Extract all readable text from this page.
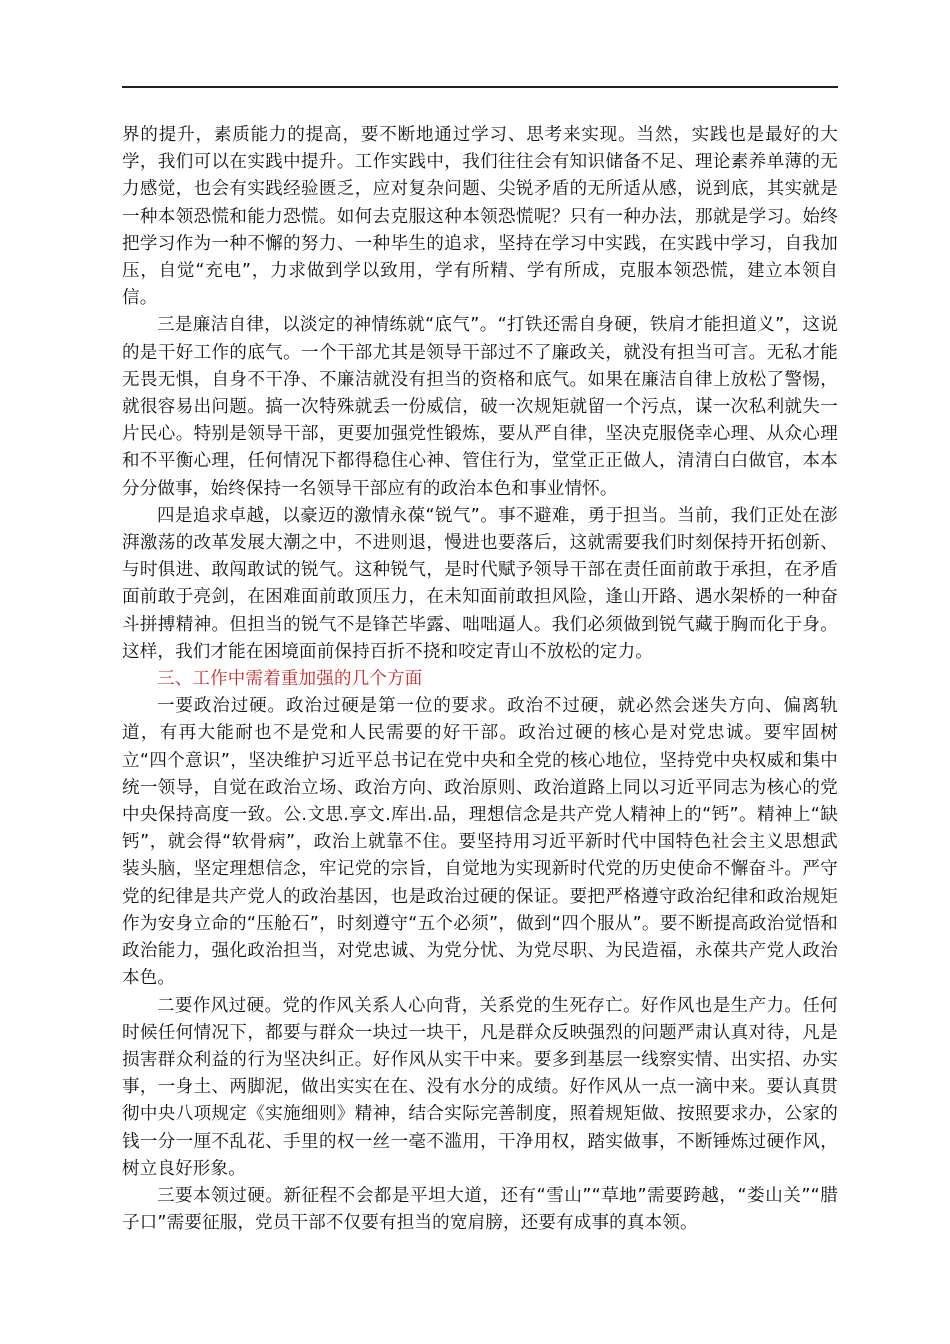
界的提升，素质能力的提高，要不断地通过学习、思考来实现。当然，实践也是最好的大学，我们可以在实践中提升。工作实践中，我们往往会有知识储备不足、理论素养单薄的无力感觉，也会有实践经验匮乏，应对复杂问题、尖锐矛盾的无所适从感，说到底，其实就是一种本领恐慌和能力恐慌。如何去克服这种本领恐慌呢？只有一种办法，那就是学习。始终把学习作为一种不懈的努力、一种毕生的追求，坚持在学习中实践，在实践中学习，自我加压，自觉“充电”，力求做到学以致用，学有所精、学有所成，克服本领恐慌，建立本领自信。

三是廉洁自律，以淡定的神情练就“底气”。“打铁还需自身硬，铁肩才能担道义”，这说的是干好工作的底气。一个干部尤其是领导干部过不了廉政关，就没有担当可言。无私才能无畏无惧，自身不干净、不廉洁就没有担当的资格和底气。如果在廉洁自律上放松了警惕，就很容易出问题。搞一次特殊就丢一份威信，破一次规矩就留一个污点，谋一次私利就失一片民心。特别是领导干部，更要加强党性锻炼，要从严自律，坚决克服侥幸心理、从众心理和不平衡心理，任何情况下都得稳住心神、管住行为，堂堂正正做人，清清白白做官，本本分分做事，始终保持一名领导干部应有的政治本色和事业情怀。

四是追求卓越，以豪迈的激情永葆“锐气”。事不避难，勇于担当。当前，我们正处在澎湃激荡的改革发展大潮之中，不进则退，慢进也要落后，这就需要我们时刻保持开拓创新、与时俱进、敢闯敢试的锐气。这种锐气，是时代赋予领导干部在责任面前敢于承担，在矛盾面前敢于亮剑，在困难面前敢顶压力，在未知面前敢担风险，逢山开路、遇水架桥的一种奋斗拼搏精神。但担当的锐气不是锋芒毕露、咄咄逼人。我们必须做到锐气藏于胸而化于身。这样，我们才能在困境面前保持百折不挠和咬定青山不放松的定力。

三、工作中需着重加强的几个方面

一要政治过硬。政治过硬是第一位的要求。政治不过硬，就必然会迷失方向、偏离轨道，有再大能耐也不是党和人民需要的好干部。政治过硬的核心是对党忠诚。要牢固树立“四个意识”，坚决维护习近平总书记在党中央和全党的核心地位，坚持党中央权威和集中统一领导，自觉在政治立场、政治方向、政治原则、政治道路上同以习近平同志为核心的党中央保持高度一致。公.文思.享文.库出.品，理想信念是共产党人精神上的“钙”。精神上“缺钙”，就会得“软骨病”，政治上就靠不住。要坚持用习近平新时代中国特色社会主义思想武装头脑，坚定理想信念，牢记党的宗旨，自觉地为实现新时代党的历史使命不懈奋斗。严守党的纪律是共产党人的政治基因，也是政治过硬的保证。要把严格遵守政治纪律和政治规矩作为安身立命的“压舱石”，时刻遵守“五个必须”，做到“四个服从”。要不断提高政治觉悟和政治能力，强化政治担当，对党忠诚、为党分忧、为党尽职、为民造福，永葆共产党人政治本色。

二要作风过硬。党的作风关系人心向背，关系党的生死存亡。好作风也是生产力。任何时候任何情况下，都要与群众一块过一块干，凡是群众反映强烈的问题严肃认真对待，凡是损害群众利益的行为坚决纠正。好作风从实干中来。要多到基层一线察实情、出实招、办实事，一身土、两脚泥，做出实实在在、没有水分的成绩。好作风从一点一滴中来。要认真贯彻中央八项规定《实施细则》精神，结合实际完善制度，照着规矩做、按照要求办，公家的钱一分一厘不乱花、手里的权一丝一毫不滥用，干净用权，踏实做事，不断锤炼过硬作风，树立良好形象。

三要本领过硬。新征程不会都是平坦大道，还有“雪山”“草地”需要跨越，“娄山关”“腊子口”需要征服，党员干部不仅要有担当的宽肩膀，还要有成事的真本领。
